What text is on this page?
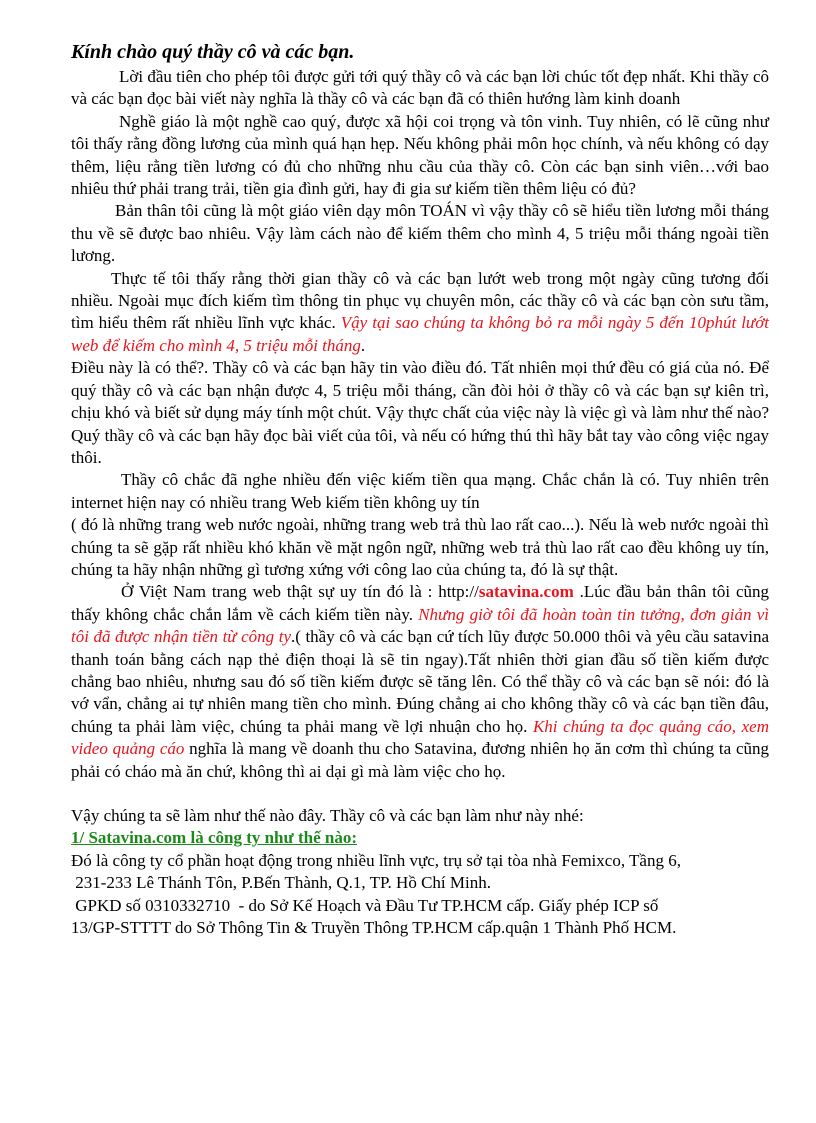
Kính chào quý thầy cô và các bạn.

Lời đầu tiên cho phép tôi được gửi tới quý thầy cô và các bạn lời chúc tốt đẹp nhất. Khi thầy cô và các bạn đọc bài viết này nghĩa là thầy cô và các bạn đã có thiên hướng làm kinh doanh

Nghề giáo là một nghề cao quý, được xã hội coi trọng và tôn vinh. Tuy nhiên, có lẽ cũng như tôi thấy rằng đồng lương của mình quá hạn hẹp. Nếu không phải môn học chính, và nếu không có dạy thêm, liệu rằng tiền lương có đủ cho những nhu cầu của thầy cô. Còn các bạn sinh viên…với bao nhiêu thứ phải trang trải, tiền gia đình gửi, hay đi gia sư kiếm tiền thêm liệu có đủ?

Bản thân tôi cũng là một giáo viên dạy môn TOÁN vì vậy thầy cô sẽ hiểu tiền lương mỗi tháng thu về sẽ được bao nhiêu. Vậy làm cách nào để kiếm thêm cho mình 4, 5 triệu mỗi tháng ngoài tiền lương.

Thực tế tôi thấy rằng thời gian thầy cô và các bạn lướt web trong một ngày cũng tương đối nhiều. Ngoài mục đích kiếm tìm thông tin phục vụ chuyên môn, các thầy cô và các bạn còn sưu tầm, tìm hiểu thêm rất nhiều lĩnh vực khác. Vậy tại sao chúng ta không bỏ ra mỗi ngày 5 đến 10phút lướt web để kiếm cho mình 4, 5 triệu mỗi tháng.

Điều này là có thể?. Thầy cô và các bạn hãy tin vào điều đó. Tất nhiên mọi thứ đều có giá của nó. Để quý thầy cô và các bạn nhận được 4, 5 triệu mỗi tháng, cần đòi hỏi ở thầy cô và các bạn sự kiên trì, chịu khó và biết sử dụng máy tính một chút. Vậy thực chất của việc này là việc gì và làm như thế nào? Quý thầy cô và các bạn hãy đọc bài viết của tôi, và nếu có hứng thú thì hãy bắt tay vào công việc ngay thôi.

Thầy cô chắc đã nghe nhiều đến việc kiếm tiền qua mạng. Chắc chắn là có. Tuy nhiên trên internet hiện nay có nhiều trang Web kiếm tiền không uy tín

( đó là những trang web nước ngoài, những trang web trả thù lao rất cao...). Nếu là web nước ngoài thì chúng ta sẽ gặp rất nhiều khó khăn về mặt ngôn ngữ, những web trả thù lao rất cao đều không uy tín, chúng ta hãy nhận những gì tương xứng với công lao của chúng ta, đó là sự thật.

Ở Việt Nam trang web thật sự uy tín đó là : http://satavina.com .Lúc đầu bản thân tôi cũng thấy không chắc chắn lắm về cách kiếm tiền này. Nhưng giờ tôi đã hoàn toàn tin tưởng, đơn giản vì tôi đã được nhận tiền từ công ty.( thầy cô và các bạn cứ tích lũy được 50.000 thôi và yêu cầu satavina thanh toán bằng cách nạp thẻ điện thoại là sẽ tin ngay).Tất nhiên thời gian đầu số tiền kiếm được chẳng bao nhiêu, nhưng sau đó số tiền kiếm được sẽ tăng lên. Có thể thầy cô và các bạn sẽ nói: đó là vớ vẩn, chẳng ai tự nhiên mang tiền cho mình. Đúng chẳng ai cho không thầy cô và các bạn tiền đâu, chúng ta phải làm việc, chúng ta phải mang về lợi nhuận cho họ. Khi chúng ta đọc quảng cáo, xem video quảng cáo nghĩa là mang về doanh thu cho Satavina, đương nhiên họ ăn cơm thì chúng ta cũng phải có cháo mà ăn chứ, không thì ai dại gì mà làm việc cho họ.

Vậy chúng ta sẽ làm như thế nào đây. Thầy cô và các bạn làm như này nhé:

1/ Satavina.com là công ty như thế nào:

Đó là công ty cổ phần hoạt động trong nhiều lĩnh vực, trụ sở tại tòa nhà Femixco, Tầng 6,

231-233 Lê Thánh Tôn, P.Bến Thành, Q.1, TP. Hồ Chí Minh.

GPKD số 0310332710  - do Sở Kế Hoạch và Đầu Tư TP.HCM cấp. Giấy phép ICP số

13/GP-STTTT do Sở Thông Tin & Truyền Thông TP.HCM cấp.quận 1 Thành Phố HCM.
